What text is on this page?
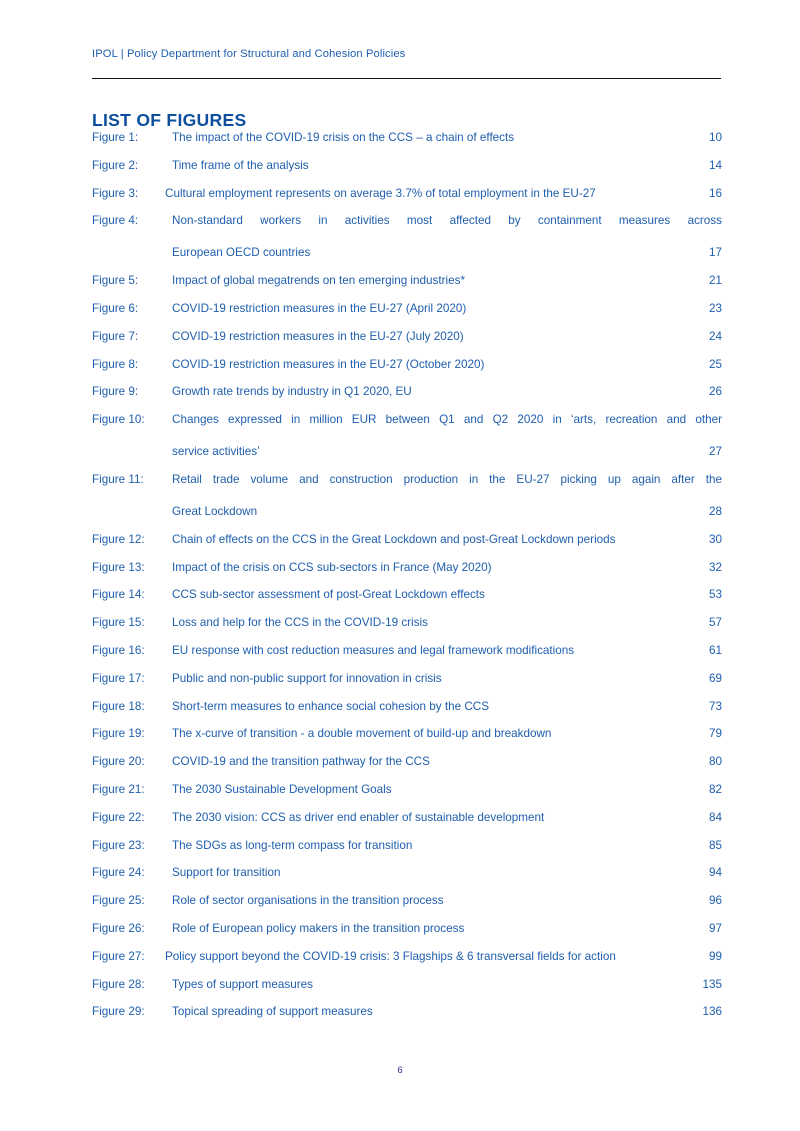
IPOL | Policy Department for Structural and Cohesion Policies
LIST OF FIGURES
Figure 1:	The impact of the COVID-19 crisis on the CCS – a chain of effects	10
Figure 2:	Time frame of the analysis	14
Figure 3:	Cultural employment represents on average 3.7% of total employment in the EU-27	16
Figure 4:	Non-standard workers in activities most affected by containment measures across
European OECD countries	17
Figure 5:	Impact of global megatrends on ten emerging industries*	21
Figure 6:	COVID-19 restriction measures in the EU-27 (April 2020)	23
Figure 7:	COVID-19 restriction measures in the EU-27 (July 2020)	24
Figure 8:	COVID-19 restriction measures in the EU-27 (October 2020)	25
Figure 9:	Growth rate trends by industry in Q1 2020, EU	26
Figure 10:	Changes expressed in million EUR between Q1 and Q2 2020 in ‘arts, recreation and other
service activities’	27
Figure 11:	Retail trade volume and construction production in the EU-27 picking up again after the
Great Lockdown	28
Figure 12:	Chain of effects on the CCS in the Great Lockdown and post-Great Lockdown periods	30
Figure 13:	Impact of the crisis on CCS sub-sectors in France (May 2020)	32
Figure 14:	CCS sub-sector assessment of post-Great Lockdown effects	53
Figure 15:	Loss and help for the CCS in the COVID-19 crisis	57
Figure 16:	EU response with cost reduction measures and legal framework modifications	61
Figure 17:	Public and non-public support for innovation in crisis	69
Figure 18:	Short-term measures to enhance social cohesion by the CCS	73
Figure 19:	The x-curve of transition - a double movement of build-up and breakdown	79
Figure 20:	COVID-19 and the transition pathway for the CCS	80
Figure 21:	The 2030 Sustainable Development Goals	82
Figure 22:	The 2030 vision: CCS as driver end enabler of sustainable development	84
Figure 23:	The SDGs as long-term compass for transition	85
Figure 24:	Support for transition	94
Figure 25:	Role of sector organisations in the transition process	96
Figure 26:	Role of European policy makers in the transition process	97
Figure 27:	Policy support beyond the COVID-19 crisis: 3 Flagships & 6 transversal fields for action	99
Figure 28:	Types of support measures	135
Figure 29:	Topical spreading of support measures	136
6
